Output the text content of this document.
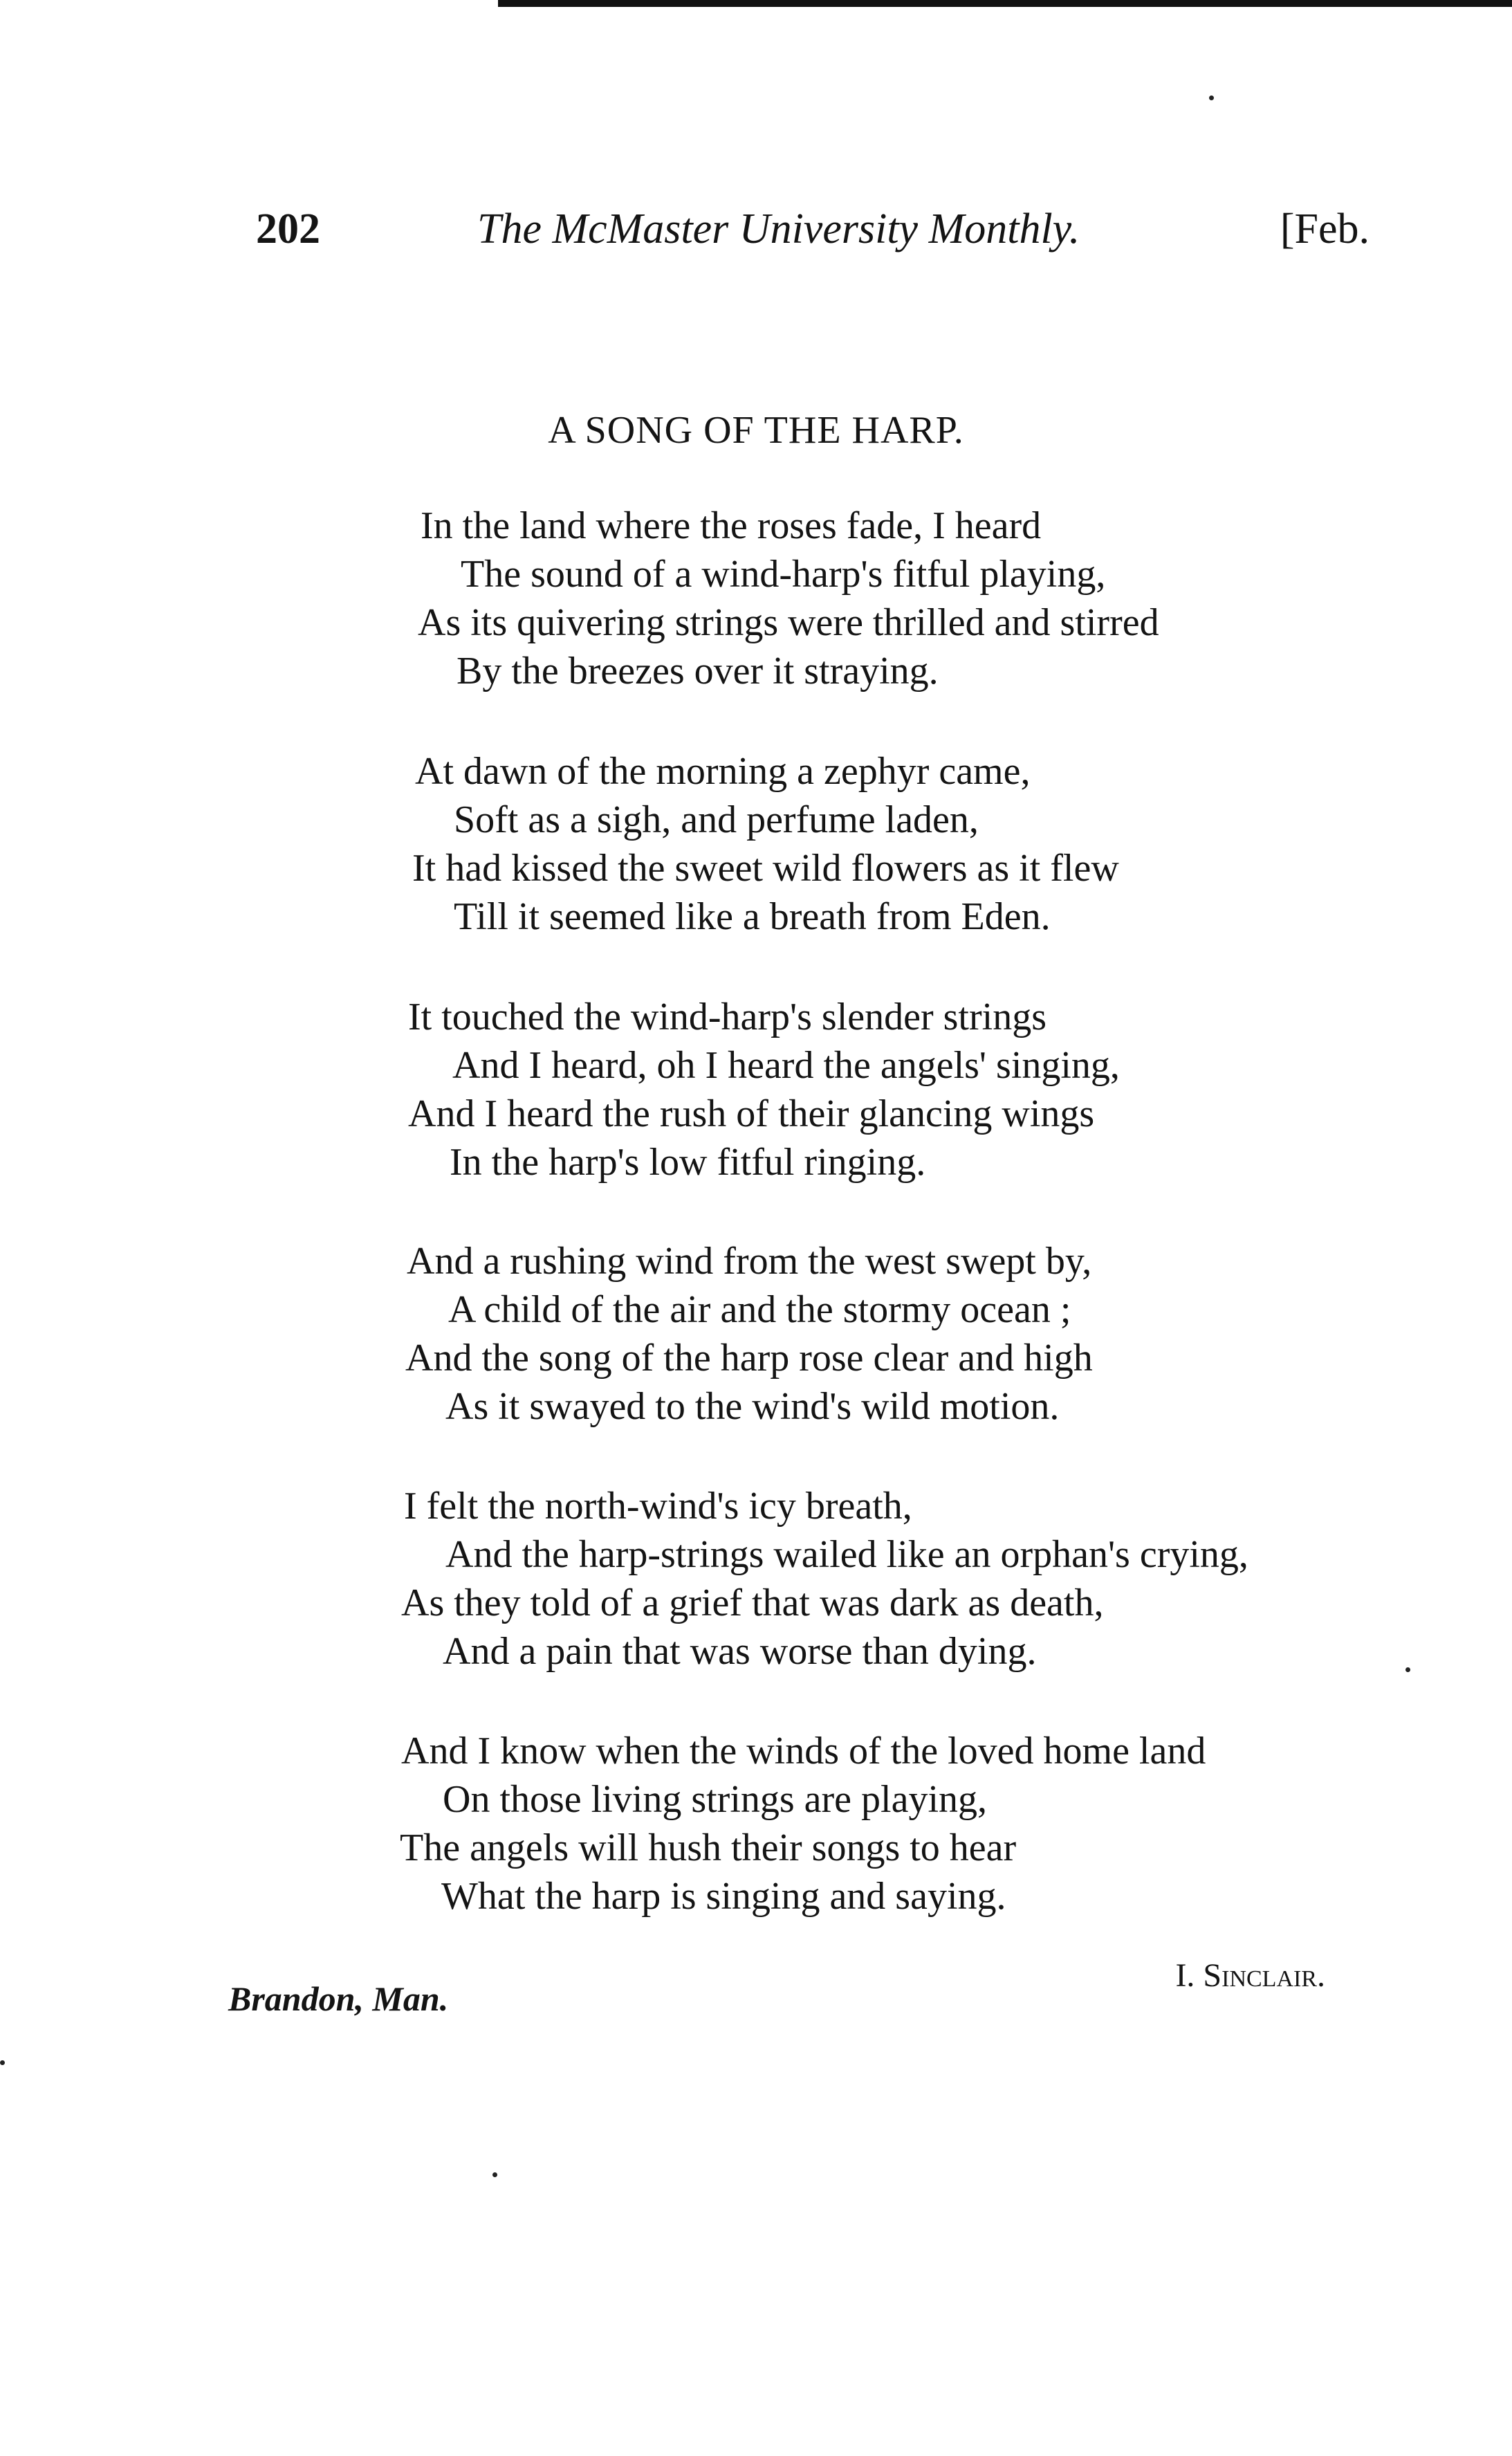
202	The McMaster University Monthly.	[Feb.
A SONG OF THE HARP.
In the land where the roses fade, I heard
The sound of a wind-harp's fitful playing,
As its quivering strings were thrilled and stirred
By the breezes over it straying.
At dawn of the morning a zephyr came,
Soft as a sigh, and perfume laden,
It had kissed the sweet wild flowers as it flew
Till it seemed like a breath from Eden.
It touched the wind-harp's slender strings
And I heard, oh I heard the angels' singing,
And I heard the rush of their glancing wings
In the harp's low fitful ringing.
And a rushing wind from the west swept by,
A child of the air and the stormy ocean ;
And the song of the harp rose clear and high
As it swayed to the wind's wild motion.
I felt the north-wind's icy breath,
And the harp-strings wailed like an orphan's crying,
As they told of a grief that was dark as death,
And a pain that was worse than dying.
And I know when the winds of the loved home land
On those living strings are playing,
The angels will hush their songs to hear
What the harp is singing and saying.
I. Sinclair.
Brandon, Man.
